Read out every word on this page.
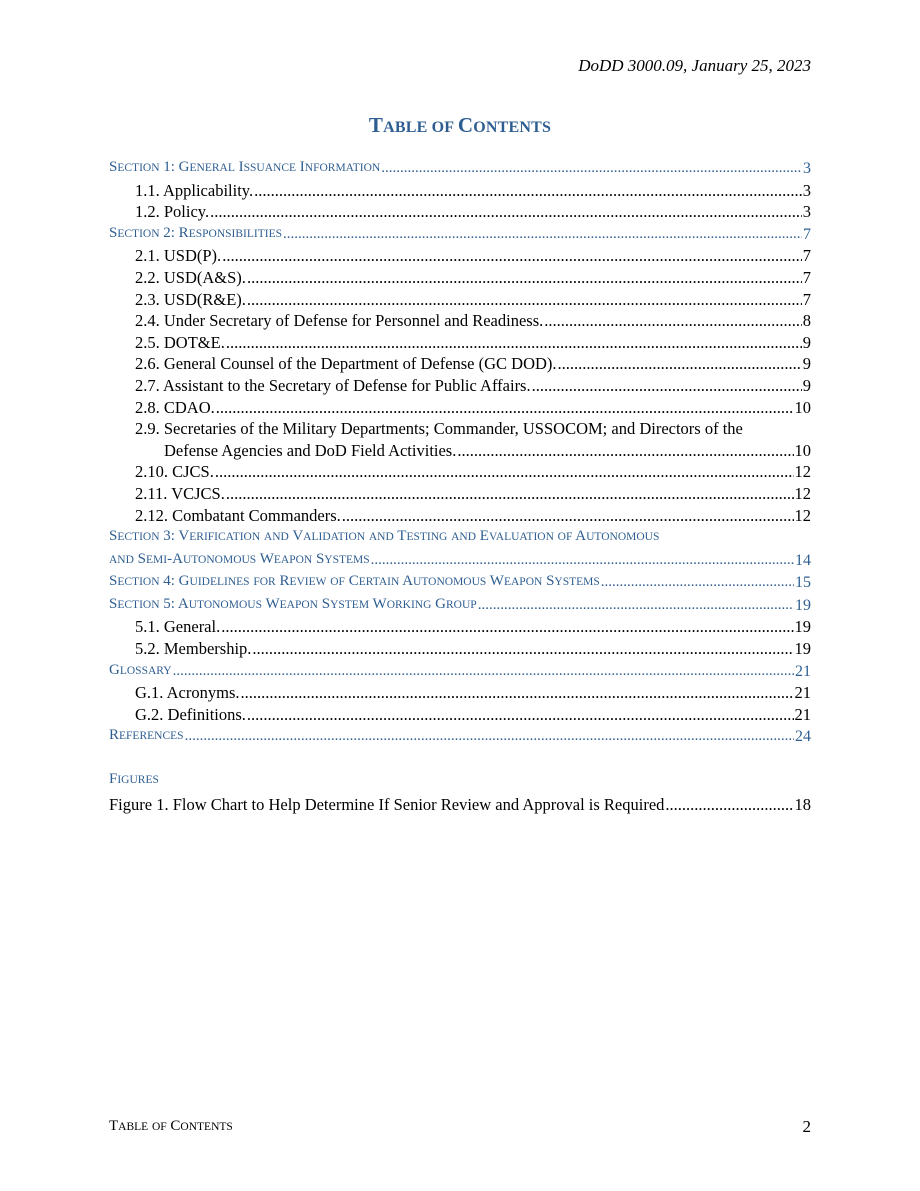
DoDD 3000.09, January 25, 2023
TABLE OF CONTENTS
SECTION 1: GENERAL ISSUANCE INFORMATION .....	3
1.1. Applicability. .....	3
1.2. Policy. .....	3
SECTION 2: RESPONSIBILITIES .....	7
2.1. USD(P). .....	7
2.2. USD(A&S). .....	7
2.3. USD(R&E). .....	7
2.4. Under Secretary of Defense for Personnel and Readiness. .....	8
2.5. DOT&E. .....	9
2.6. General Counsel of the Department of Defense (GC DOD). .....	9
2.7. Assistant to the Secretary of Defense for Public Affairs. .....	9
2.8. CDAO. .....	10
2.9. Secretaries of the Military Departments; Commander, USSOCOM; and Directors of the
Defense Agencies and DoD Field Activities. .....	10
2.10. CJCS. .....	12
2.11. VCJCS. .....	12
2.12. Combatant Commanders. .....	12
SECTION 3: VERIFICATION AND VALIDATION AND TESTING AND EVALUATION OF AUTONOMOUS
AND SEMI-AUTONOMOUS WEAPON SYSTEMS .....	14
SECTION 4: GUIDELINES FOR REVIEW OF CERTAIN AUTONOMOUS WEAPON SYSTEMS .....	15
SECTION 5: AUTONOMOUS WEAPON SYSTEM WORKING GROUP .....	19
5.1. General. .....	19
5.2. Membership. .....	19
GLOSSARY .....	21
G.1. Acronyms. .....	21
G.2. Definitions. .....	21
REFERENCES .....	24
FIGURES
Figure 1. Flow Chart to Help Determine If Senior Review and Approval is Required .....	18
TABLE OF CONTENTS	2
